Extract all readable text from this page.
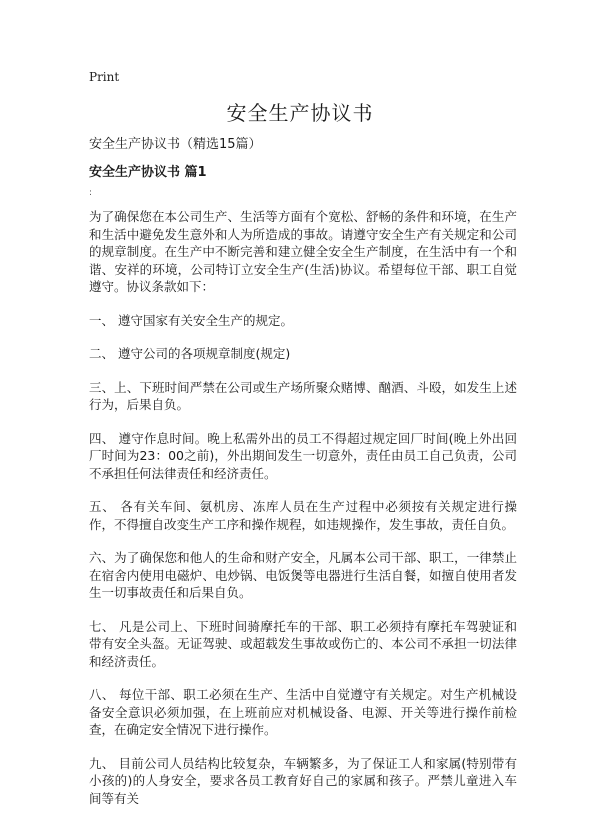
Print
安全生产协议书
安全生产协议书（精选15篇）
安全生产协议书 篇1
:

为了确保您在本公司生产、生活等方面有个宽松、舒畅的条件和环境，在生产和生活中避免发生意外和人为所造成的事故。请遵守安全生产有关规定和公司的规章制度。在生产中不断完善和建立健全安全生产制度，在生活中有一个和谐、安祥的环境，公司特订立安全生产(生活)协议。希望每位干部、职工自觉遵守。协议条款如下：

一、 遵守国家有关安全生产的规定。

二、 遵守公司的各项规章制度(规定)

三、上、下班时间严禁在公司或生产场所聚众赌博、酗酒、斗殴，如发生上述行为，后果自负。

四、 遵守作息时间。晚上私需外出的员工不得超过规定回厂时间(晚上外出回厂时间为23：00之前)，外出期间发生一切意外，责任由员工自己负责，公司不承担任何法律责任和经济责任。

五、 各有关车间、氨机房、冻库人员在生产过程中必须按有关规定进行操作，不得擅自改变生产工序和操作规程，如违规操作，发生事故，责任自负。

六、为了确保您和他人的生命和财产安全，凡属本公司干部、职工，一律禁止在宿舍内使用电磁炉、电炒锅、电饭煲等电器进行生活自餐，如擅自使用者发生一切事故责任和后果自负。

七、 凡是公司上、下班时间骑摩托车的干部、职工必须持有摩托车驾驶证和带有安全头盔。无证驾驶、或超载发生事故或伤亡的、本公司不承担一切法律和经济责任。

八、 每位干部、职工必须在生产、生活中自觉遵守有关规定。对生产机械设备安全意识必须加强，在上班前应对机械设备、电源、开关等进行操作前检查，在确定安全情况下进行操作。

九、 目前公司人员结构比较复杂，车辆繁多，为了保证工人和家属(特别带有小孩的)的人身安全，要求各员工教育好自己的家属和孩子。严禁儿童进入车间等有关
